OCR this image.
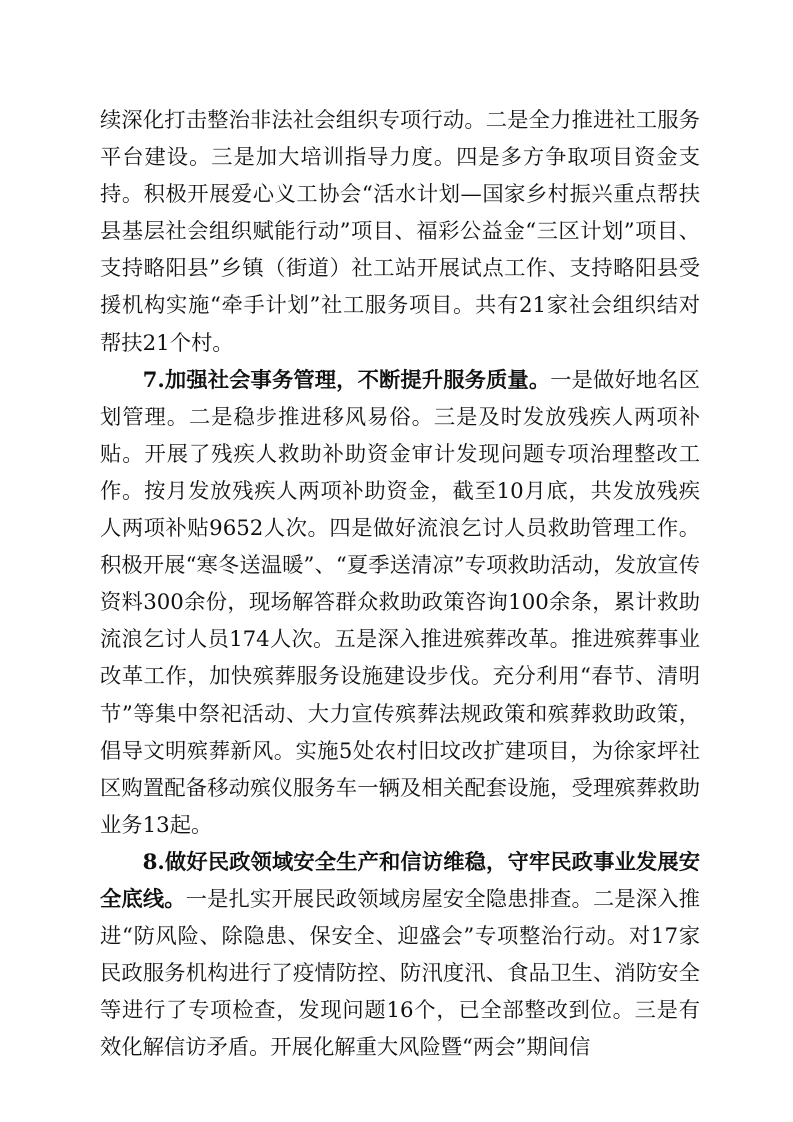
续深化打击整治非法社会组织专项行动。二是全力推进社工服务平台建设。三是加大培训指导力度。四是多方争取项目资金支持。积极开展爱心义工协会“活水计划—国家乡村振兴重点帮扶县基层社会组织赋能行动”项目、福彩公益金“三区计划”项目、支持略阳县”乡镇（街道）社工站开展试点工作、支持略阳县受援机构实施“牵手计划”社工服务项目。共有21家社会组织结对帮扶21个村。

7.加强社会事务管理，不断提升服务质量。一是做好地名区划管理。二是稳步推进移风易俗。三是及时发放残疾人两项补贴。开展了残疾人救助补助资金审计发现问题专项治理整改工作。按月发放残疾人两项补助资金，截至10月底，共发放残疾人两项补贴9652人次。四是做好流浪乞讨人员救助管理工作。积极开展“寒冬送温暖”、“夏季送清凉”专项救助活动，发放宣传资料300余份，现场解答群众救助政策咨询100余条，累计救助流浪乞讨人员174人次。五是深入推进殡葬改革。推进殡葬事业改革工作，加快殡葬服务设施建设步伐。充分利用“春节、清明节”等集中祭祀活动、大力宣传殡葬法规政策和殡葬救助政策，倡导文明殡葬新风。实施5处农村旧坟改扩建项目，为徐家坪社区购置配备移动殡仪服务车一辆及相关配套设施，受理殡葬救助业务13起。

8.做好民政领域安全生产和信访维稳，守牢民政事业发展安全底线。一是扎实开展民政领域房屋安全隐患排查。二是深入推进“防风险、除隐患、保安全、迎盛会”专项整治行动。对17家民政服务机构进行了疫情防控、防汛度汛、食品卫生、消防安全等进行了专项检查，发现问题16个，已全部整改到位。三是有效化解信访矛盾。开展化解重大风险暨“两会”期间信
